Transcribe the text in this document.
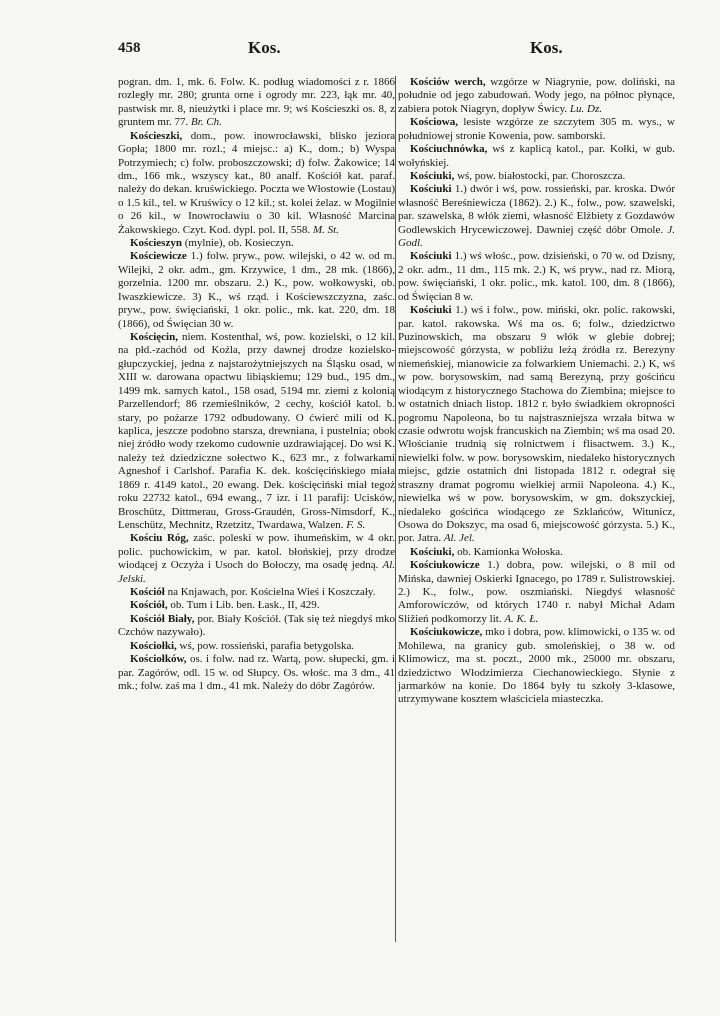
458	Kos.	Kos.

pogran. dm. 1, mk. 6. Folw. K. podług wiadomości z r. 1866 rozległy mr. 280; grunta orne i ogrody mr. 223, łąk mr. 40, pastwisk mr. 8, nieużytki i place mr. 9; wś Kościeszki os. 8, z gruntem mr. 77. Br. Ch.

Kościeszki, dom., pow. inowrocławski, blisko jeziora Gopła; 1800 mr. rozl.; 4 miejsc.: a) K., dom.; b) Wyspa Potrzymiech; c) folw. proboszczowski; d) folw. Żakowice; 14 dm., 166 mk., wszyscy kat., 80 analf. Kościół kat. paraf. należy do dekan. kruświckiego. Poczta we Włostowie (Lostau) o 1.5 kil., tel. w Kruświcy o 12 kil.; st. kolei żelaz. w Mogilnie o 26 kil., w Inowrocławiu o 30 kil. Własność Marcina Żakowskiego. Czyt. Kod. dypl. pol. II, 558. M. St.

Kościeszyn (mylnie), ob. Kosieczyn.

Kościewicze 1.) folw. pryw., pow. wilejski, o 42 w. od m. Wilejki, 2 okr. adm., gm. Krzywice, 1 dm., 28 mk. (1866), gorzelnia. 1200 mr. obszaru. 2.) K., pow. wołkowyski, ob. Iwaszkiewicze. 3) K., wś rząd. i Kościewszczyzna, zaśc. pryw., pow. święciański, 1 okr. polic., mk. kat. 220, dm. 18 (1866), od Święcian 30 w.

Kościęcin, niem. Kostenthal, wś, pow. kozielski, o 12 kil. na płd.-zachód od Koźla, przy dawnej drodze kozielsko-głupczyckiej, jedna z najstarożytniejszych na Śląsku osad, w XIII w. darowana opactwu libiąskiemu; 129 bud., 195 dm., 1499 mk. samych katol., 158 osad, 5194 mr. ziemi z kolonią Parzellendorf; 86 rzemieślników, 2 cechy, kościół katol. b. stary, po pożarze 1792 odbudowany. O ćwierć mili od K. kaplica, jeszcze podobno starsza, drewniana, i pustelnia; obok niej źródło wody rzekomo cudownie uzdrawiającej. Do wsi K. należy też dziedziczne sołectwo K., 623 mr., z folwarkami Agneshof i Carlshof. Parafia K. dek. kościęcińskiego miała 1869 r. 4149 katol., 20 ewang. Dek. kościęciński miał tegoż roku 22732 katol., 694 ewang., 7 izr. i 11 parafij: Ucisków, Broschütz, Dittmerau, Gross-Graudén, Gross-Nimsdorf, K., Lenschütz, Mechnitz, Rzetzitz, Twardawa, Walzen. F. S.

Kościu Róg, zaśc. poleski w pow. ihumeńskim, w 4 okr. polic. puchowickim, w par. katol. błońskiej, przy drodze wiodącej z Oczyża i Usoch do Bołoczy, ma osadę jedną. Al. Jelski.

Kościół na Knjawach, por. Kościelna Wieś i Koszczały.

Kościół, ob. Tum i Lib. ben. Łask., II, 429.

Kościół Biały, por. Biały Kościół. (Tak się też niegdyś mko Czchów nazywało).

Kościołki, wś, pow. rossieński, parafia betygolska.

Kościołków, os. i folw. nad rz. Wartą, pow. słupecki, gm. i par. Zagórów, odl. 15 w. od Słupcy. Os. włośc. ma 3 dm., 41 mk.; folw. zaś ma 1 dm., 41 mk. Należy do dóbr Zagórów.

Kościów werch, wzgórze w Niagrynie, pow. doliński, na południe od jego zabudowań. Wody jego, na północ płynące, zabiera potok Niagryn, dopływ Świcy. Lu. Dz.

Kościowa, lesiste wzgórze ze szczytem 305 m. wys., w południowej stronie Kowenia, pow. samborski.

Kościuchnówka, wś z kaplicą katol., par. Kołki, w gub. wołyńskiej.

Kościuki, wś, pow. białostocki, par. Choroszcza.

Kościuki 1.) dwór i wś, pow. rossieński, par. kroska. Dwór własność Bereśniewicza (1862). 2.) K., folw., pow. szawelski, par. szawelska, 8 włók ziemi, własność Elżbiety z Gozdawów Godlewskich Hrycewiczowej. Dawniej część dóbr Omole. J. Godl.

Kościuki 1.) wś włośc., pow. dzisieński, o 70 w. od Dzisny, 2 okr. adm., 11 dm., 115 mk. 2.) K, wś pryw., nad rz. Miorą, pow. święciański, 1 okr. polic., mk. katol. 100, dm. 8 (1866), od Święcian 8 w.

Kościuki 1.) wś i folw., pow. miński, okr. polic. rakowski, par. katol. rakowska. Wś ma os. 6; folw., dziedzictwo Puzinowskich, ma obszaru 9 włók w glebie dobrej; miejscowość górzysta, w pobliżu leżą źródła rz. Berezyny niemeńskiej, mianowicie za folwarkiem Uniemachi. 2.) K, wś w pow. borysowskim, nad samą Berezyną, przy gościńcu wiodącym z historycznego Stachowa do Ziembina; miejsce to w ostatnich dniach listop. 1812 r. było świadkiem okropności pogromu Napoleona, bo tu najstraszniejsza wrzała bitwa w czasie odwrotu wojsk francuskich na Ziembin; wś ma osad 20. Włościanie trudnią się rolnictwem i flisactwem. 3.) K., niewielki folw. w pow. borysowskim, niedaleko historycznych miejsc, gdzie ostatnich dni listopada 1812 r. odegrał się straszny dramat pogromu wielkiej armii Napoleona. 4.) K., niewielka wś w pow. borysowskim, w gm. dokszyckiej, niedaleko gościńca wiodącego ze Szklańców, Witunicz, Osowa do Dokszyc, ma osad 6, miejscowość górzysta. 5.) K., por. Jatra. Al. Jel.

Kościuki, ob. Kamionka Wołoska.

Kościukowicze 1.) dobra, pow. wilejski, o 8 mil od Mińska, dawniej Oskierki Ignacego, po 1789 r. Sulistrowskiej. 2.) K., folw., pow. oszmiański. Niegdyś własność Amforowiczów, od których 1740 r. nabył Michał Adam Sližień podkomorzy lit. A. K. Ł.

Kościukowicze, mko i dobra, pow. klimowicki, o 135 w. od Mohilewa, na granicy gub. smoleńskiej, o 38 w. od Klimowicz, ma st. poczt., 2000 mk., 25000 mr. obszaru, dziedzictwo Włodzimierza Ciechanowieckiego. Słynie z jarmarków na konie. Do 1864 były tu szkoły 3-klasowe, utrzymywane kosztem właściciela miasteczka.
